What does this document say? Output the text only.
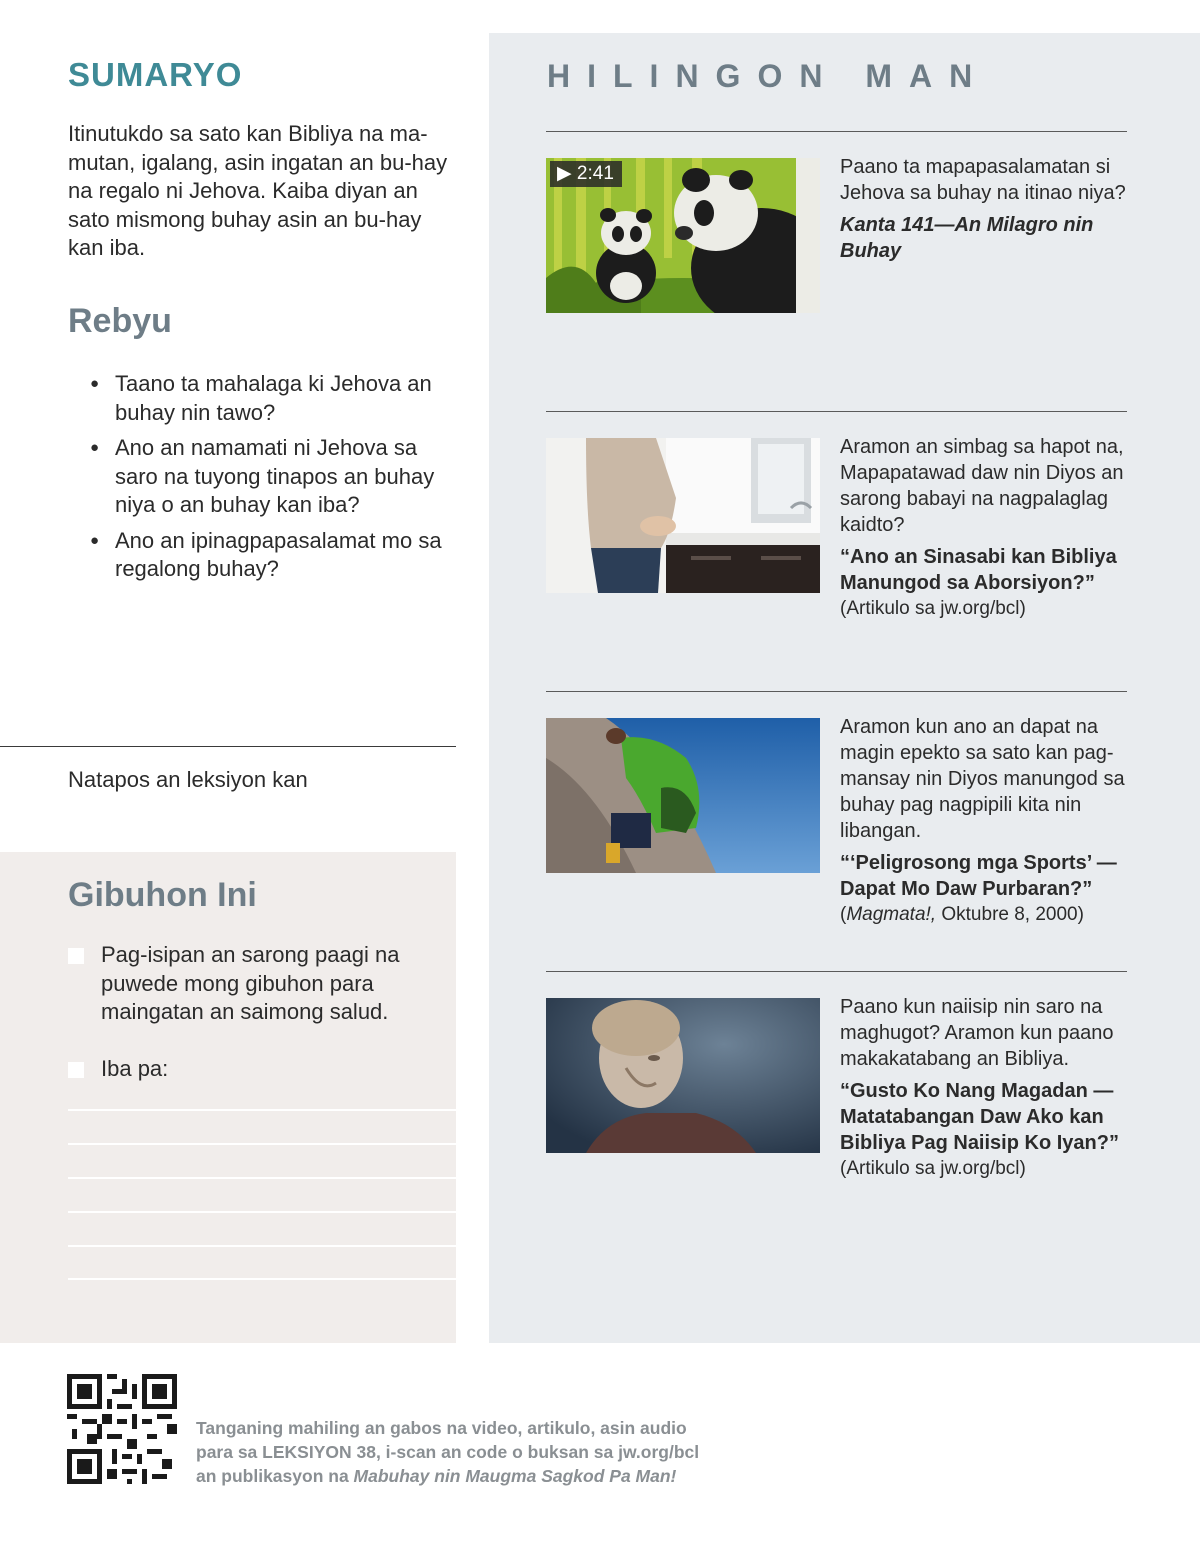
SUMARYO
Itinutukdo sa sato kan Bibliya na ma-mutan, igalang, asin ingatan an bu-hay na regalo ni Jehova. Kaiba diyan an sato mismong buhay asin an bu-hay kan iba.
Rebyu
● Taano ta mahalaga ki Jehova an buhay nin tawo?
● Ano an namamati ni Jehova sa saro na tuyong tinapos an buhay niya o an buhay kan iba?
● Ano an ipinagpapasalamat mo sa regalong buhay?
Natapos an leksiyon kan
Gibuhon Ini
Pag-isipan an sarong paagi na puwede mong gibuhon para maingatan an saimong salud.
Iba pa:
HILINGON MAN
▶ 2:41	Paano ta mapapasalamatan si Jehova sa buhay na itinao niya?

Kanta 141—An Milagro nin Buhay

Aramon an simbag sa hapot na, Mapapatawad daw nin Diyos an sarong babayi na nagpalaglag kaidto?

“Ano an Sinasabi kan Bibliya Manungod sa Aborsiyon?”

(Artikulo sa jw.org/bcl)

Aramon kun ano an dapat na magin epekto sa sato kan pag-mansay nin Diyos manungod sa buhay pag nagpipili kita nin libangan.

“‘Peligrosong mga Sports’ —Dapat Mo Daw Purbaran?”

(Magmata!, Oktubre 8, 2000)

Paano kun naiisip nin saro na maghugot? Aramon kun paano makakatabang an Bibliya.

“Gusto Ko Nang Magadan —Matatabangan Daw Ako kan Bibliya Pag Naiisip Ko Iyan?”

(Artikulo sa jw.org/bcl)

Tanganing mahiling an gabos na video, artikulo, asin audio
para sa LEKSIYON 38, i-scan an code o buksan sa jw.org/bcl
an publikasyon na Mabuhay nin Maugma Sagkod Pa Man!
